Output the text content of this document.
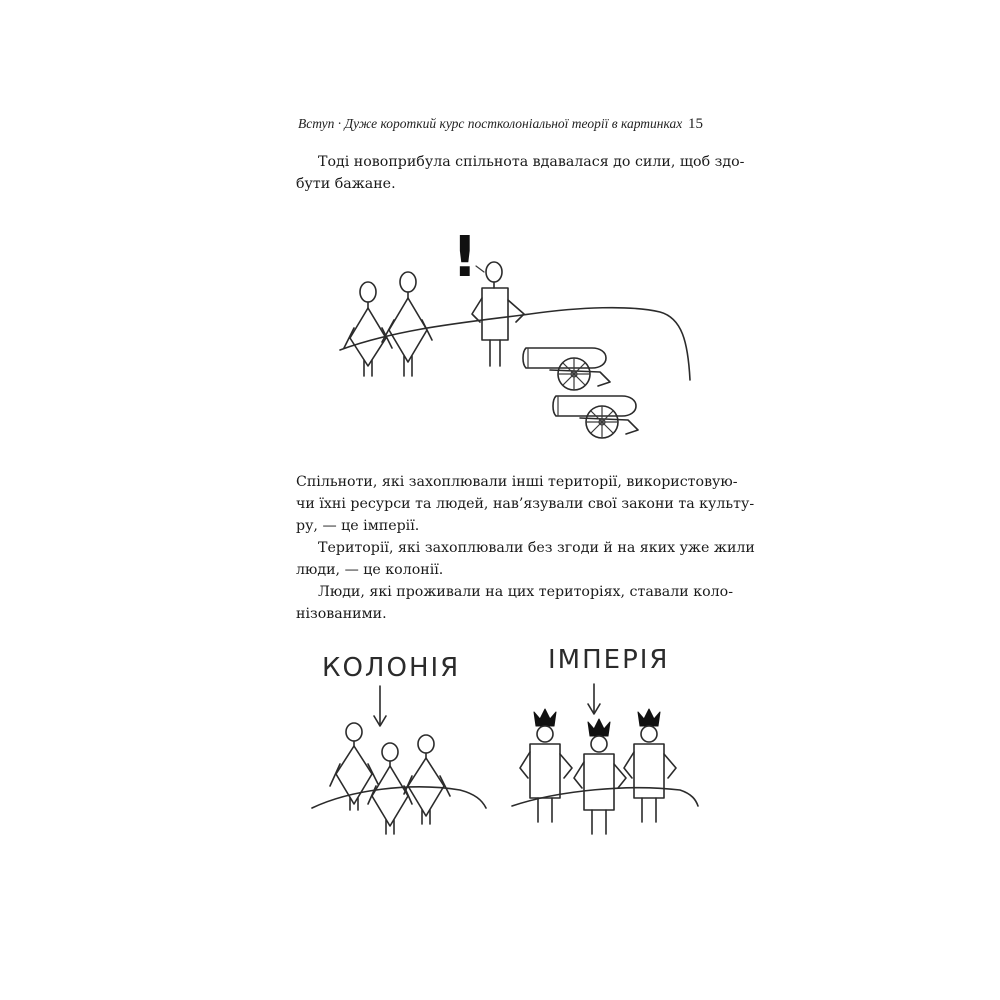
Вступ · Дуже короткий курс постколоніальної теорії в картинках 15
Тоді новоприбула спільнота вдавалася до сили, щоб здо-
бути бажане.
!
Спільноти, які захоплювали інші території, використовую-
чи їхні ресурси та людей, нав’язували свої закони та культу-
ру, — це імперії.
Території, які захоплювали без згоди й на яких уже жили
люди, — це колонії.
Люди, які проживали на цих територіях, ставали коло-
нізованими.
КОЛОНІЯ	ІМПЕРІЯ
